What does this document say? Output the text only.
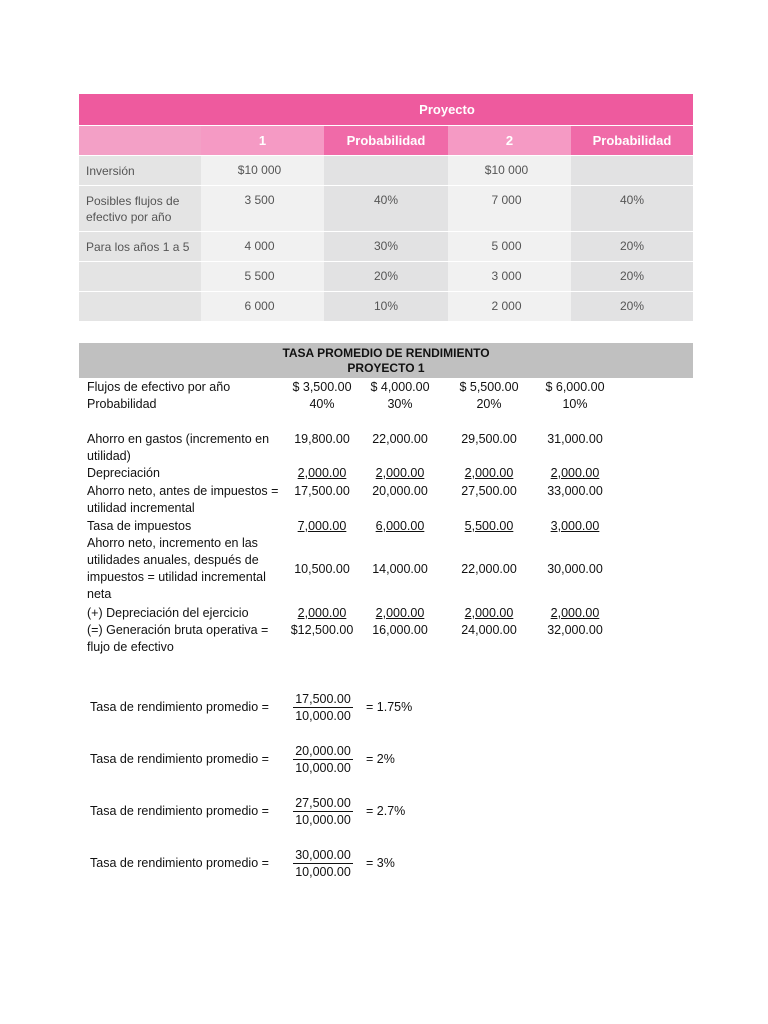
	Proyecto			
	1	Probabilidad	2	Probabilidad
Inversión	$10 000		$10 000	
Posibles flujos de efectivo por año	3 500	40%	7 000	40%
Para los años 1 a 5	4 000	30%	5 000	20%
	5 500	20%	3 000	20%
	6 000	10%	2 000	20%
TASA PROMEDIO DE RENDIMIENTO
PROYECTO 1
Flujos de efectivo por año	$ 3,500.00	$ 4,000.00	$ 5,500.00	$ 6,000.00
Probabilidad	40%	30%	20%	10%
Ahorro en gastos (incremento en utilidad)
19,800.00	22,000.00	29,500.00	31,000.00
Depreciación	2,000.00	2,000.00	2,000.00	2,000.00
Ahorro neto, antes de impuestos = utilidad incremental
17,500.00	20,000.00	27,500.00	33,000.00
Tasa de impuestos	7,000.00	6,000.00	5,500.00	3,000.00
Ahorro neto, incremento en las utilidades anuales, después de impuestos = utilidad incremental neta
10,500.00	14,000.00	22,000.00	30,000.00
(+) Depreciación del ejercicio	2,000.00	2,000.00	2,000.00	2,000.00
(=) Generación bruta operativa = flujo de efectivo
$12,500.00	16,000.00	24,000.00	32,000.00
Tasa de rendimiento promedio =
17,500.00
10,000.00
= 1.75%
Tasa de rendimiento promedio =
20,000.00
10,000.00
= 2%
Tasa de rendimiento promedio =
27,500.00
10,000.00
= 2.7%
Tasa de rendimiento promedio =
30,000.00
10,000.00
= 3%
